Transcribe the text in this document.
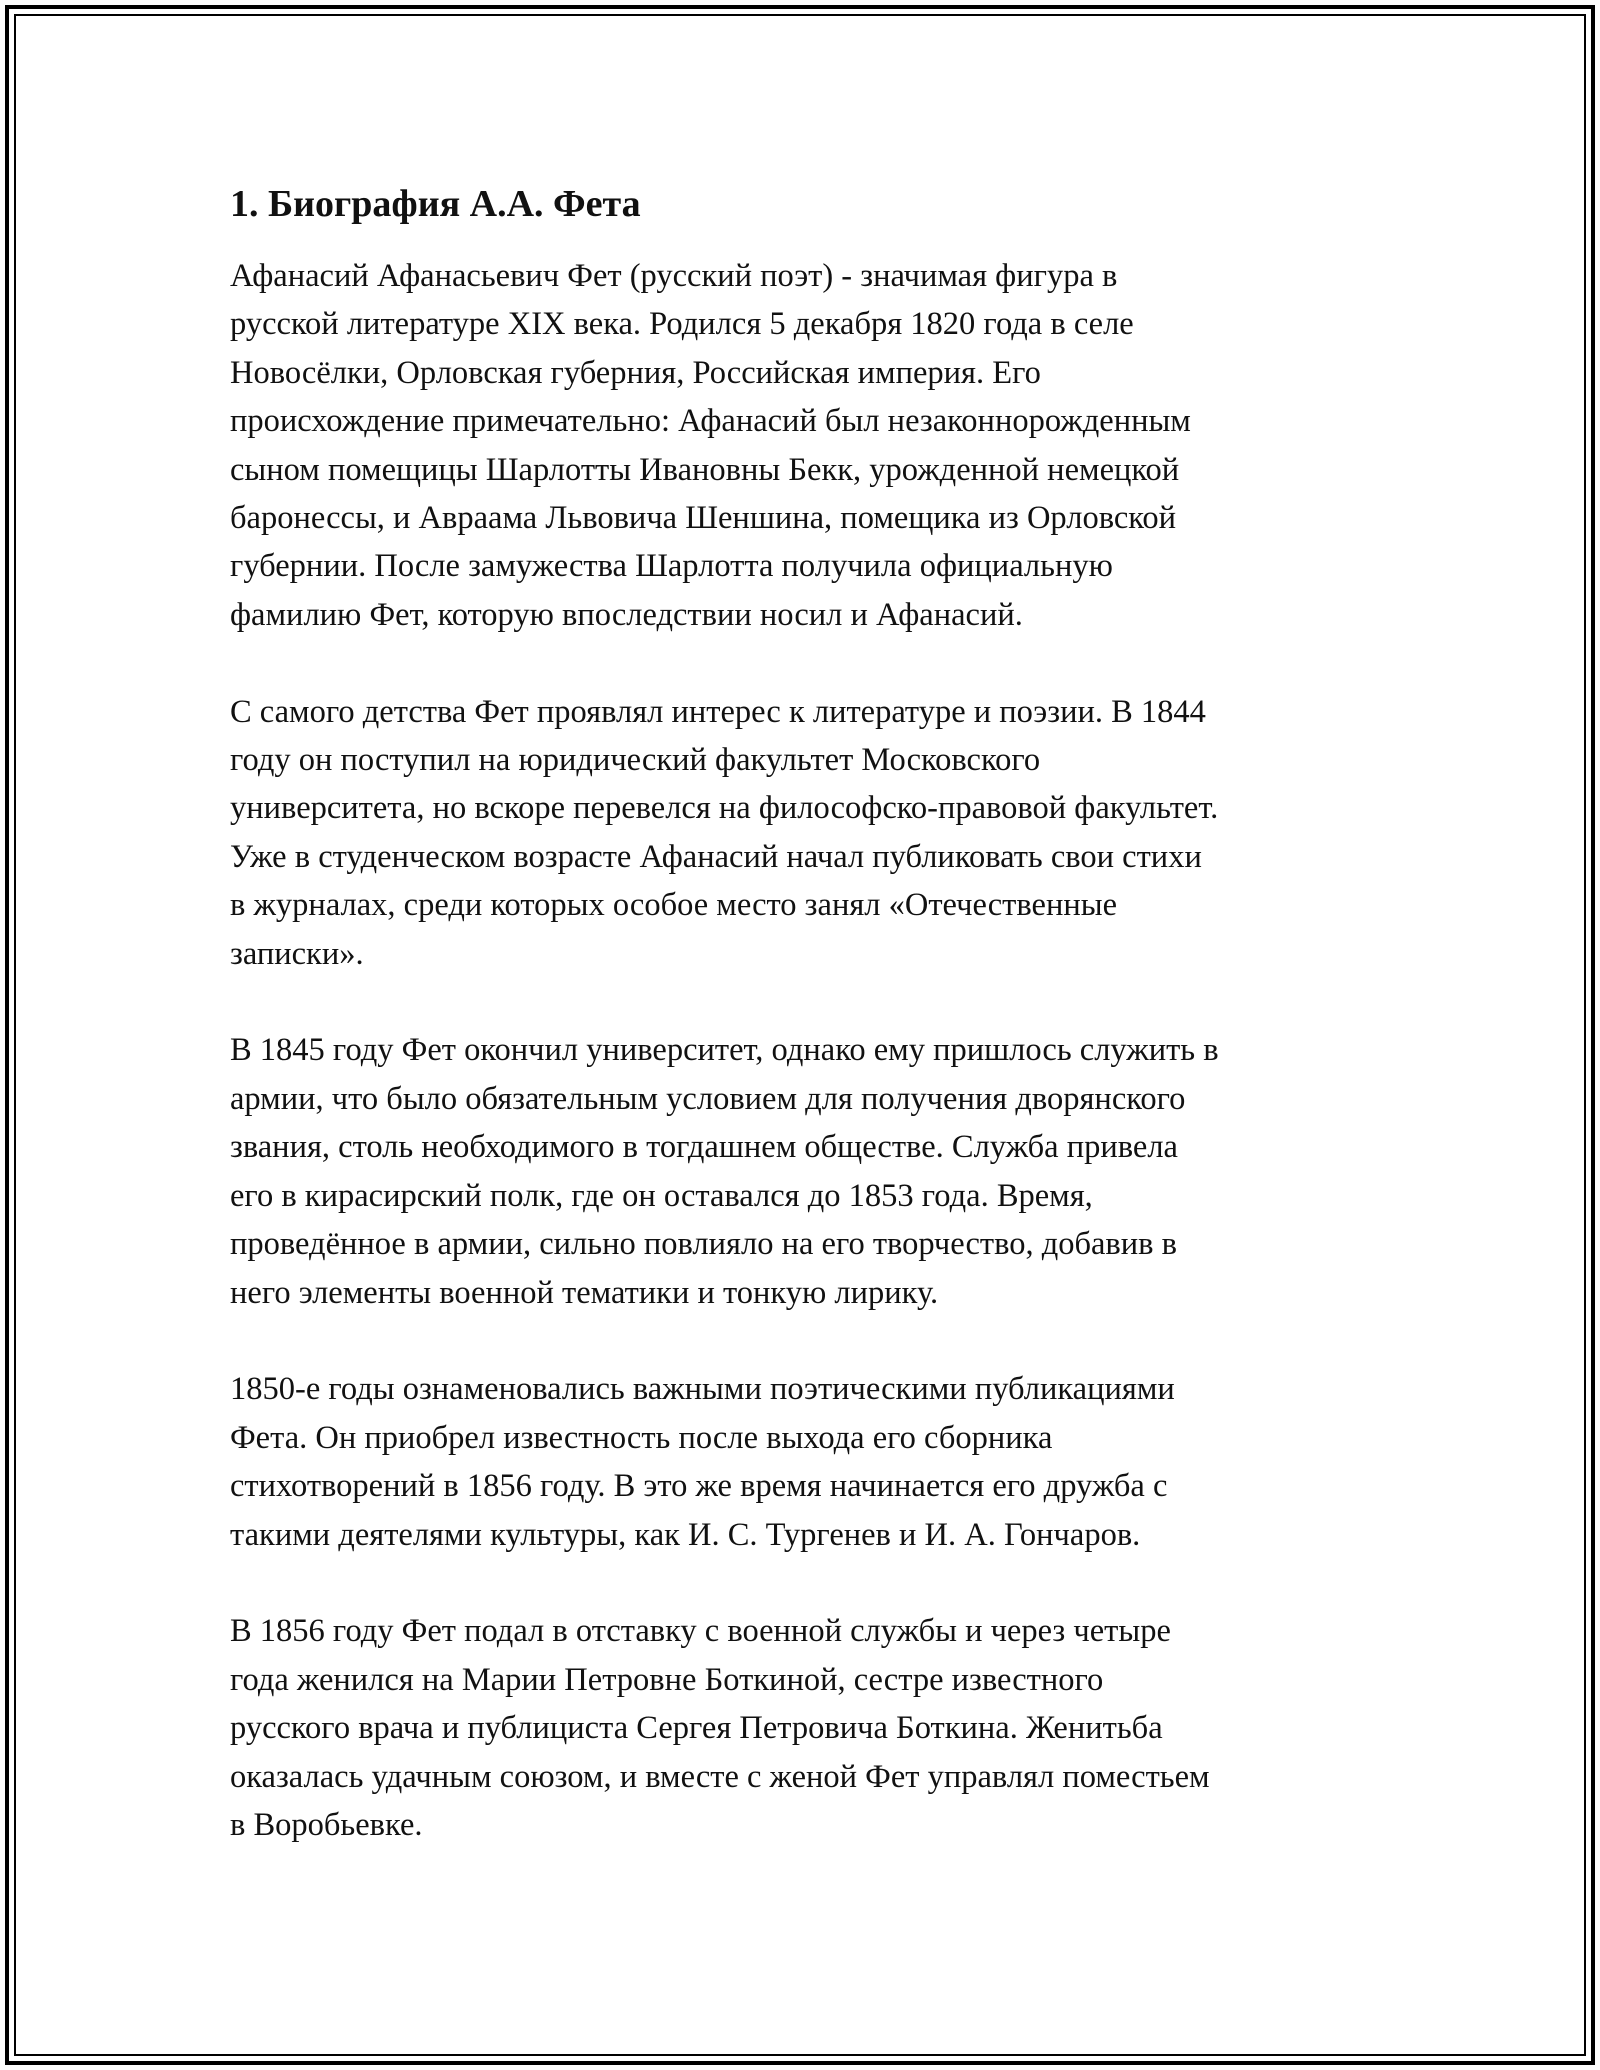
1. Биография А.А. Фета
Афанасий Афанасьевич Фет (русский поэт) - значимая фигура в
русской литературе XIX века. Родился 5 декабря 1820 года в селе
Новосёлки, Орловская губерния, Российская империя. Его
происхождение примечательно: Афанасий был незаконнорожденным
сыном помещицы Шарлотты Ивановны Бекк, урожденной немецкой
баронессы, и Авраама Львовича Шеншина, помещика из Орловской
губернии. После замужества Шарлотта получила официальную
фамилию Фет, которую впоследствии носил и Афанасий.
С самого детства Фет проявлял интерес к литературе и поэзии. В 1844
году он поступил на юридический факультет Московского
университета, но вскоре перевелся на философско-правовой факультет.
Уже в студенческом возрасте Афанасий начал публиковать свои стихи
в журналах, среди которых особое место занял «Отечественные
записки».
В 1845 году Фет окончил университет, однако ему пришлось служить в
армии, что было обязательным условием для получения дворянского
звания, столь необходимого в тогдашнем обществе. Служба привела
его в кирасирский полк, где он оставался до 1853 года. Время,
проведённое в армии, сильно повлияло на его творчество, добавив в
него элементы военной тематики и тонкую лирику.
1850-е годы ознаменовались важными поэтическими публикациями
Фета. Он приобрел известность после выхода его сборника
стихотворений в 1856 году. В это же время начинается его дружба с
такими деятелями культуры, как И. С. Тургенев и И. А. Гончаров.
В 1856 году Фет подал в отставку с военной службы и через четыре
года женился на Марии Петровне Боткиной, сестре известного
русского врача и публициста Сергея Петровича Боткина. Женитьба
оказалась удачным союзом, и вместе с женой Фет управлял поместьем
в Воробьевке.
